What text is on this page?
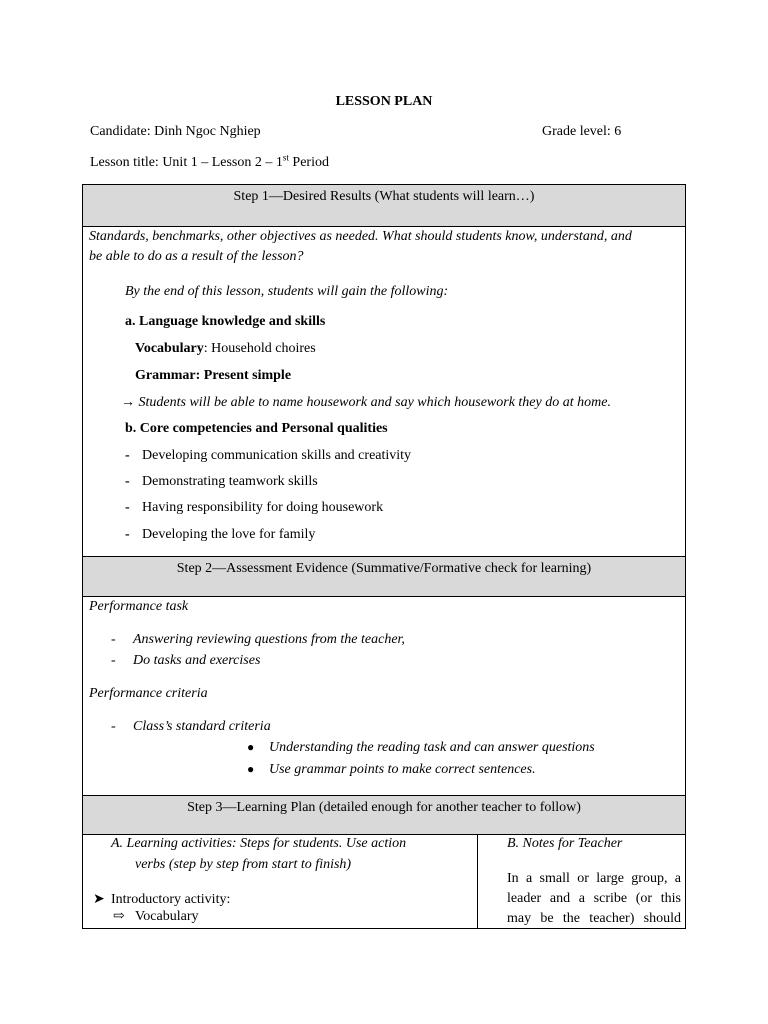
LESSON PLAN
Candidate: Dinh Ngoc Nghiep	Grade level: 6
Lesson title: Unit 1 – Lesson 2 – 1st Period
Step 1—Desired Results (What students will learn…)
Standards, benchmarks, other objectives as needed. What should students know, understand, and
be able to do as a result of the lesson?
By the end of this lesson, students will gain the following:
a. Language knowledge and skills
Vocabulary: Household choires
Grammar: Present simple
→ Students will be able to name housework and say which housework they do at home.
b. Core competencies and Personal qualities
- Developing communication skills and creativity
- Demonstrating teamwork skills
- Having responsibility for doing housework
- Developing the love for family
Step 2—Assessment Evidence (Summative/Formative check for learning)
Performance task
- Answering reviewing questions from the teacher,
- Do tasks and exercises
Performance criteria
- Class’s standard criteria
● Understanding the reading task and can answer questions
● Use grammar points to make correct sentences.
Step 3—Learning Plan (detailed enough for another teacher to follow)
A. Learning activities: Steps for students. Use action
verbs (step by step from start to finish)
➤ Introductory activity:
⇨ Vocabulary
B. Notes for Teacher
In a small or large group, a
leader and a scribe (or this
may be the teacher) should
